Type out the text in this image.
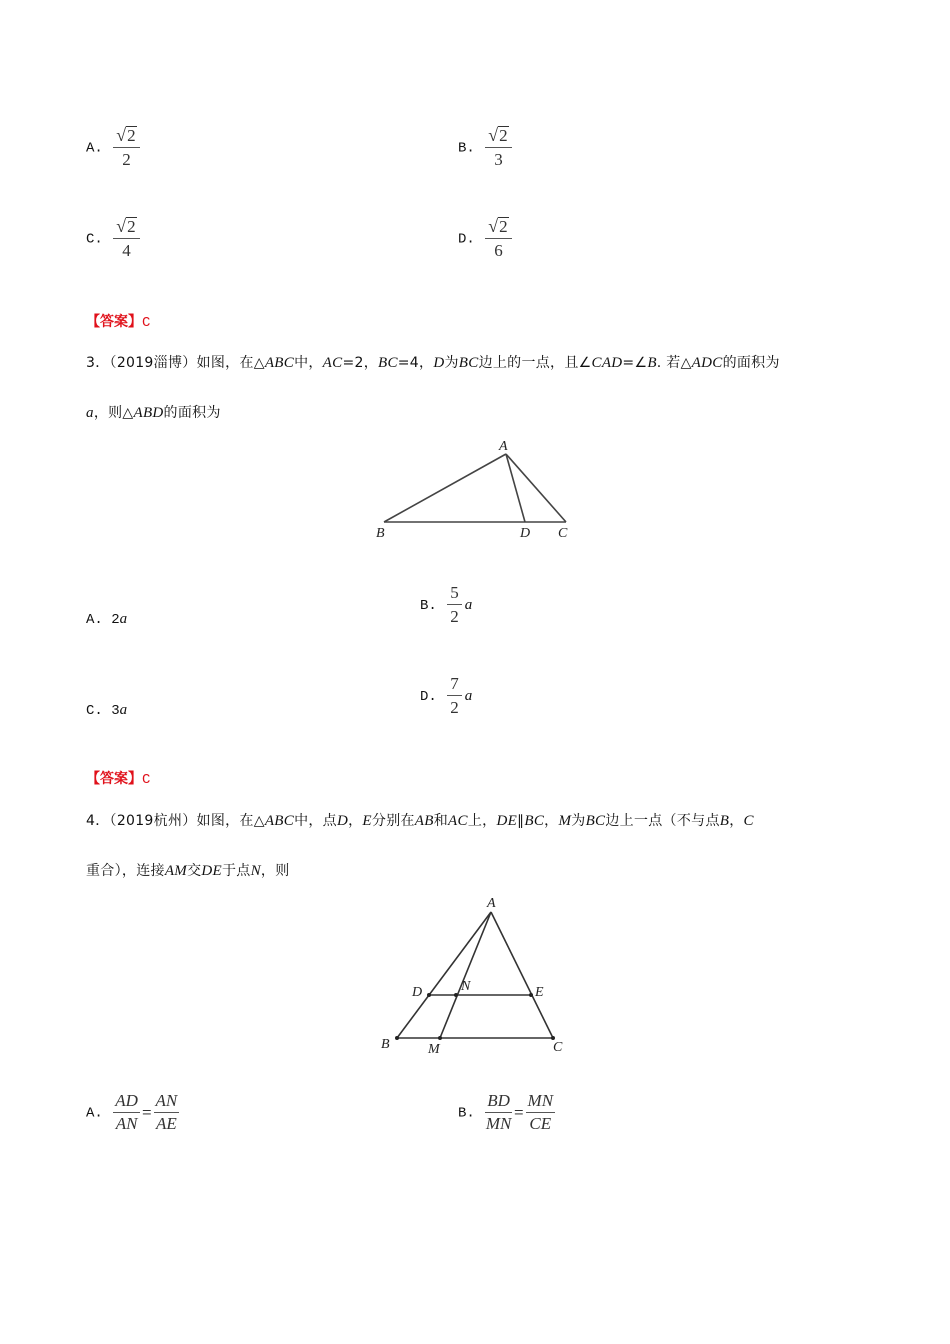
A. $\frac{√ 2}{2}$	B. $\frac{√ 2}{3}$
C. $\frac{√ 2}{4}$	D. $\frac{√ 2}{6}$
【答案】C
3．（2019淄博）如图，在△ABC中，AC=2，BC=4，D为BC边上的一点，且∠CAD=∠B. 若△ADC的面积为
a，则△ABD的面积为
A
B	D C
A. 2a
B. $\frac{5}{2}$ a
C. 3a
D. $\frac{7}{2}$ a
【答案】C
4．（2019杭州）如图，在△ABC中，点D，E分别在AB和AC上，DE∥BC，M为BC边上一点（不与点B，C
重合），连接AM交DE于点N，则
A
D	N	E
B	M	C
A. $\frac{AD}{AN} = \frac{AN}{AE}$	B. $\frac{BD}{MN} = \frac{MN}{CE}$
